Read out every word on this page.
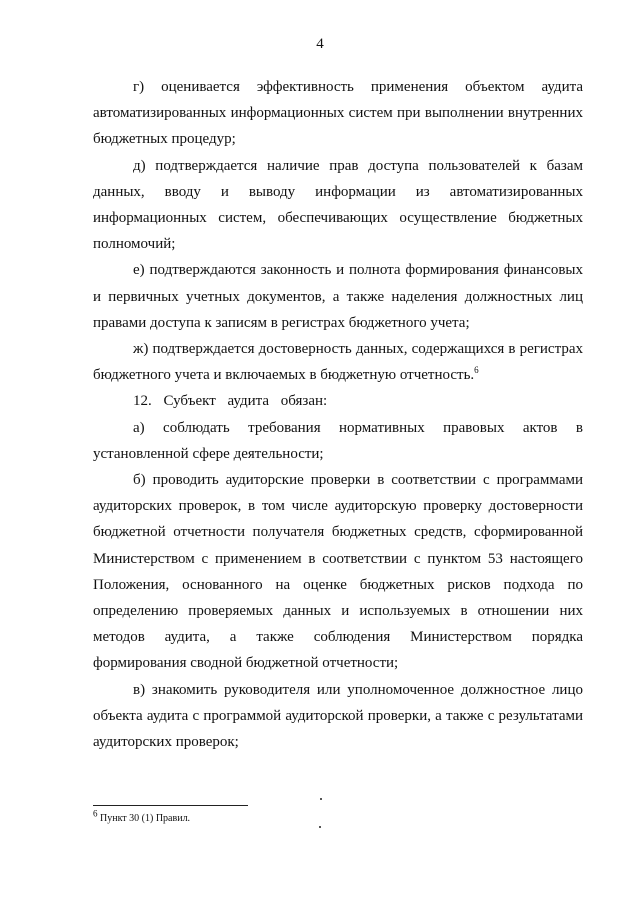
4

г) оценивается эффективность применения объектом аудита автоматизированных информационных систем при выполнении внутренних бюджетных процедур;

д) подтверждается наличие прав доступа пользователей к базам данных, вводу и выводу информации из автоматизированных информационных систем, обеспечивающих осуществление бюджетных полномочий;

е) подтверждаются законность и полнота формирования финансовых и первичных учетных документов, а также наделения должностных лиц правами доступа к записям в регистрах бюджетного учета;

ж) подтверждается достоверность данных, содержащихся в регистрах бюджетного учета и включаемых в бюджетную отчетность.$^6$

12. Субъект аудита обязан:

а) соблюдать требования нормативных правовых актов в установленной сфере деятельности;

б) проводить аудиторские проверки в соответствии с программами аудиторских проверок, в том числе аудиторскую проверку достоверности бюджетной отчетности получателя бюджетных средств, сформированной Министерством с применением в соответствии с пунктом 53 настоящего Положения, основанного на оценке бюджетных рисков подхода по определению проверяемых данных и используемых в отношении них методов аудита, а также соблюдения Министерством порядка формирования сводной бюджетной отчетности;

в) знакомить руководителя или уполномоченное должностное лицо объекта аудита с программой аудиторской проверки, а также с результатами аудиторских проверок;

$^6$ Пункт 30 (1) Правил.
